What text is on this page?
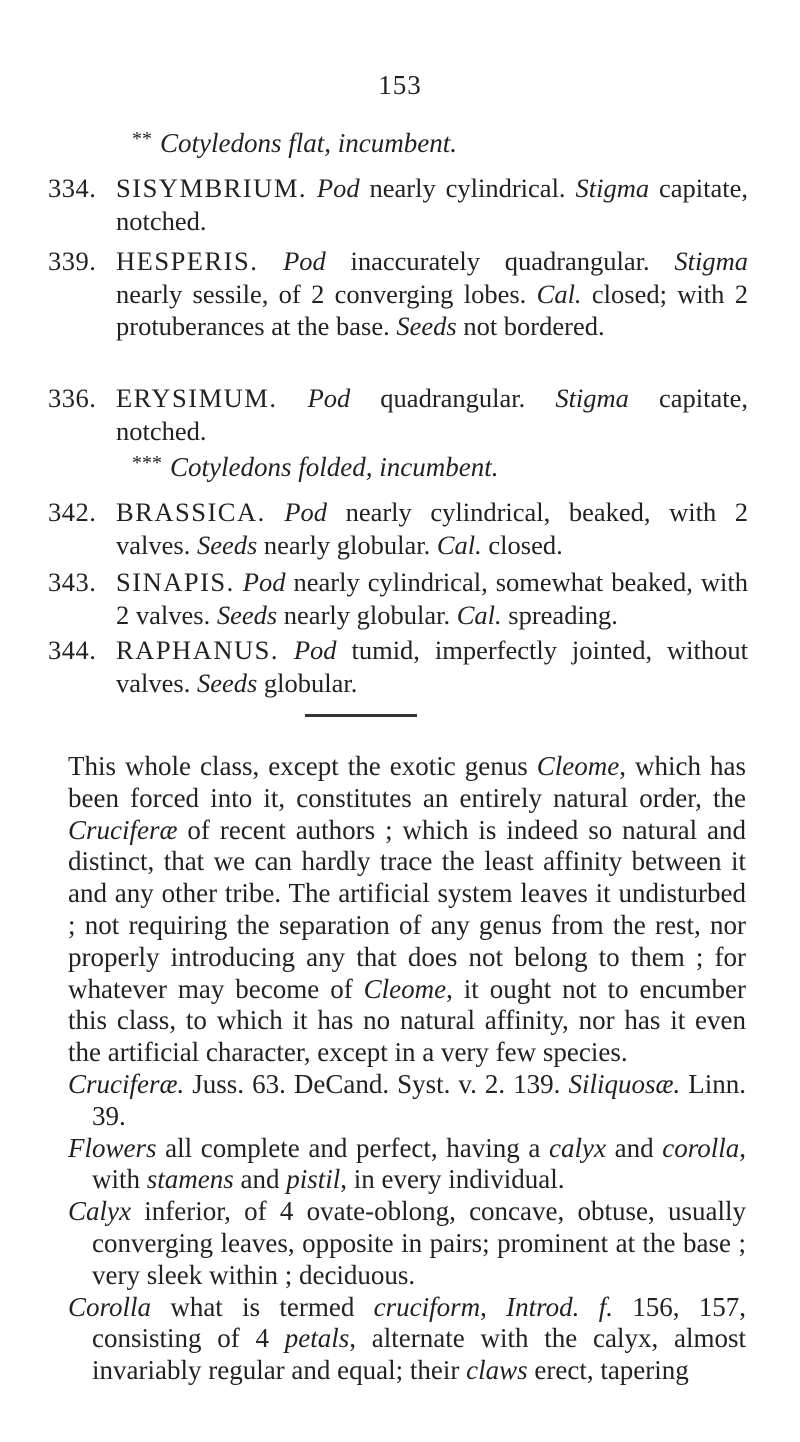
153
** Cotyledons flat, incumbent.
334. SISYMBRIUM. Pod nearly cylindrical. Stigma capitate, notched.
339. HESPERIS. Pod inaccurately quadrangular. Stigma nearly sessile, of 2 converging lobes. Cal. closed; with 2 protuberances at the base. Seeds not bordered.
336. ERYSIMUM. Pod quadrangular. Stigma capitate, notched.
*** Cotyledons folded, incumbent.
342. BRASSICA. Pod nearly cylindrical, beaked, with 2 valves. Seeds nearly globular. Cal. closed.
343. SINAPIS. Pod nearly cylindrical, somewhat beaked, with 2 valves. Seeds nearly globular. Cal. spreading.
344. RAPHANUS. Pod tumid, imperfectly jointed, without valves. Seeds globular.

This whole class, except the exotic genus Cleome, which has been forced into it, constitutes an entirely natural order, the Cruciferæ of recent authors ; which is indeed so natural and distinct, that we can hardly trace the least affinity between it and any other tribe. The artificial system leaves it undisturbed ; not requiring the separation of any genus from the rest, nor properly introducing any that does not belong to them ; for whatever may become of Cleome, it ought not to encumber this class, to which it has no natural affinity, nor has it even the artificial character, except in a very few species.

Cruciferæ. Juss. 63. DeCand. Syst. v. 2. 139. Siliquosæ. Linn. 39.

Flowers all complete and perfect, having a calyx and corolla, with stamens and pistil, in every individual.

Calyx inferior, of 4 ovate-oblong, concave, obtuse, usually converging leaves, opposite in pairs; prominent at the base ; very sleek within ; deciduous.

Corolla what is termed cruciform, Introd. f. 156, 157, consisting of 4 petals, alternate with the calyx, almost invariably regular and equal; their claws erect, tapering
